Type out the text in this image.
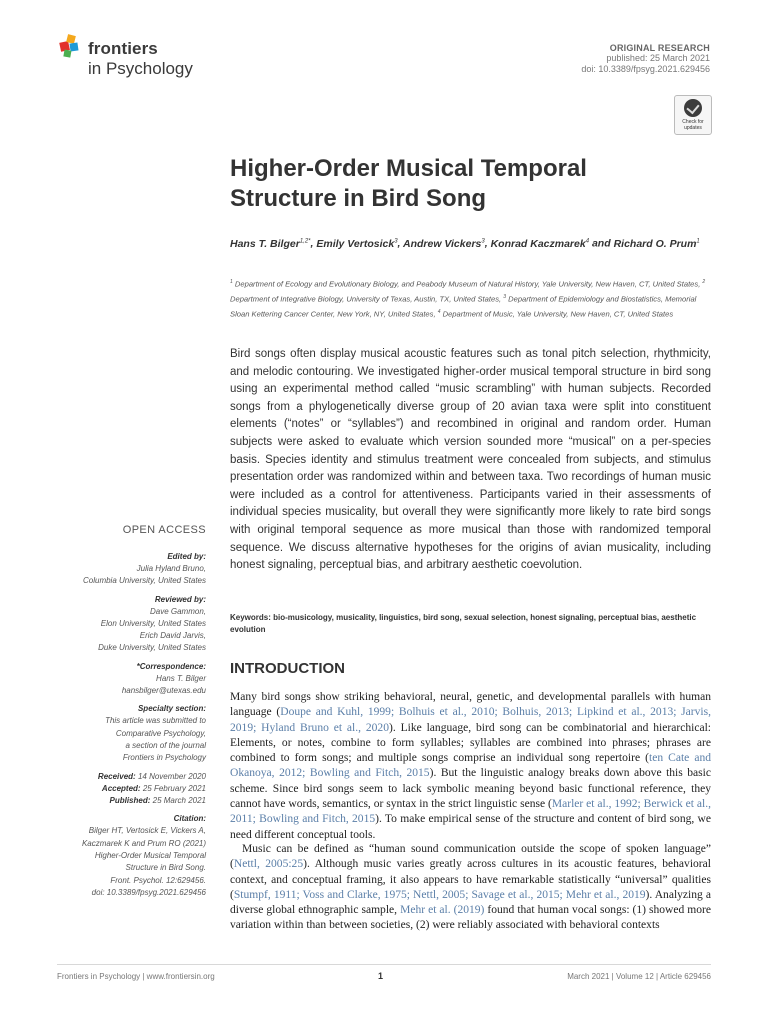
frontiers
in Psychology
ORIGINAL RESEARCH
published: 25 March 2021
doi: 10.3389/fpsyg.2021.629456
Check for updates
Higher-Order Musical Temporal Structure in Bird Song
Hans T. Bilger$^{1,2*}$, Emily Vertosick$^3$, Andrew Vickers$^3$, Konrad Kaczmarek$^4$ and Richard O. Prum$^1$
$^1$ Department of Ecology and Evolutionary Biology, and Peabody Museum of Natural History, Yale University, New Haven, CT, United States, $^2$ Department of Integrative Biology, University of Texas, Austin, TX, United States, $^3$ Department of Epidemiology and Biostatistics, Memorial Sloan Kettering Cancer Center, New York, NY, United States, $^4$ Department of Music, Yale University, New Haven, CT, United States
Bird songs often display musical acoustic features such as tonal pitch selection, rhythmicity, and melodic contouring. We investigated higher-order musical temporal structure in bird song using an experimental method called “music scrambling” with human subjects. Recorded songs from a phylogenetically diverse group of 20 avian taxa were split into constituent elements (“notes” or “syllables”) and recombined in original and random order. Human subjects were asked to evaluate which version sounded more “musical” on a per-species basis. Species identity and stimulus treatment were concealed from subjects, and stimulus presentation order was randomized within and between taxa. Two recordings of human music were included as a control for attentiveness. Participants varied in their assessments of individual species musicality, but overall they were significantly more likely to rate bird songs with original temporal sequence as more musical than those with randomized temporal sequence. We discuss alternative hypotheses for the origins of avian musicality, including honest signaling, perceptual bias, and arbitrary aesthetic coevolution.
Keywords: bio-musicology, musicality, linguistics, bird song, sexual selection, honest signaling, perceptual bias, aesthetic evolution
OPEN ACCESS
Edited by:
Julia Hyland Bruno,
Columbia University, United States
Reviewed by:
Dave Gammon,
Elon University, United States
Erich David Jarvis,
Duke University, United States
*Correspondence:
Hans T. Bilger
hansbilger@utexas.edu
Specialty section:
This article was submitted to
Comparative Psychology,
a section of the journal
Frontiers in Psychology
Received: 14 November 2020
Accepted: 25 February 2021
Published: 25 March 2021
Citation:
Bilger HT, Vertosick E, Vickers A,
Kaczmarek K and Prum RO (2021)
Higher-Order Musical Temporal
Structure in Bird Song.
Front. Psychol. 12:629456.
doi: 10.3389/fpsyg.2021.629456
INTRODUCTION
Many bird songs show striking behavioral, neural, genetic, and developmental parallels with human language (Doupe and Kuhl, 1999; Bolhuis et al., 2010; Bolhuis, 2013; Lipkind et al., 2013; Jarvis, 2019; Hyland Bruno et al., 2020). Like language, bird song can be combinatorial and hierarchical: Elements, or notes, combine to form syllables; syllables are combined into phrases; phrases are combined to form songs; and multiple songs comprise an individual song repertoire (ten Cate and Okanoya, 2012; Bowling and Fitch, 2015). But the linguistic analogy breaks down above this basic scheme. Since bird songs seem to lack symbolic meaning beyond basic functional reference, they cannot have words, semantics, or syntax in the strict linguistic sense (Marler et al., 1992; Berwick et al., 2011; Bowling and Fitch, 2015). To make empirical sense of the structure and content of bird song, we need different conceptual tools.
Music can be defined as “human sound communication outside the scope of spoken language” (Nettl, 2005:25). Although music varies greatly across cultures in its acoustic features, behavioral context, and conceptual framing, it also appears to have remarkable statistically “universal” qualities (Stumpf, 1911; Voss and Clarke, 1975; Nettl, 2005; Savage et al., 2015; Mehr et al., 2019). Analyzing a diverse global ethnographic sample, Mehr et al. (2019) found that human vocal songs: (1) showed more variation within than between societies, (2) were reliably associated with behavioral contexts
Frontiers in Psychology | www.frontiersin.org	1	March 2021 | Volume 12 | Article 629456
